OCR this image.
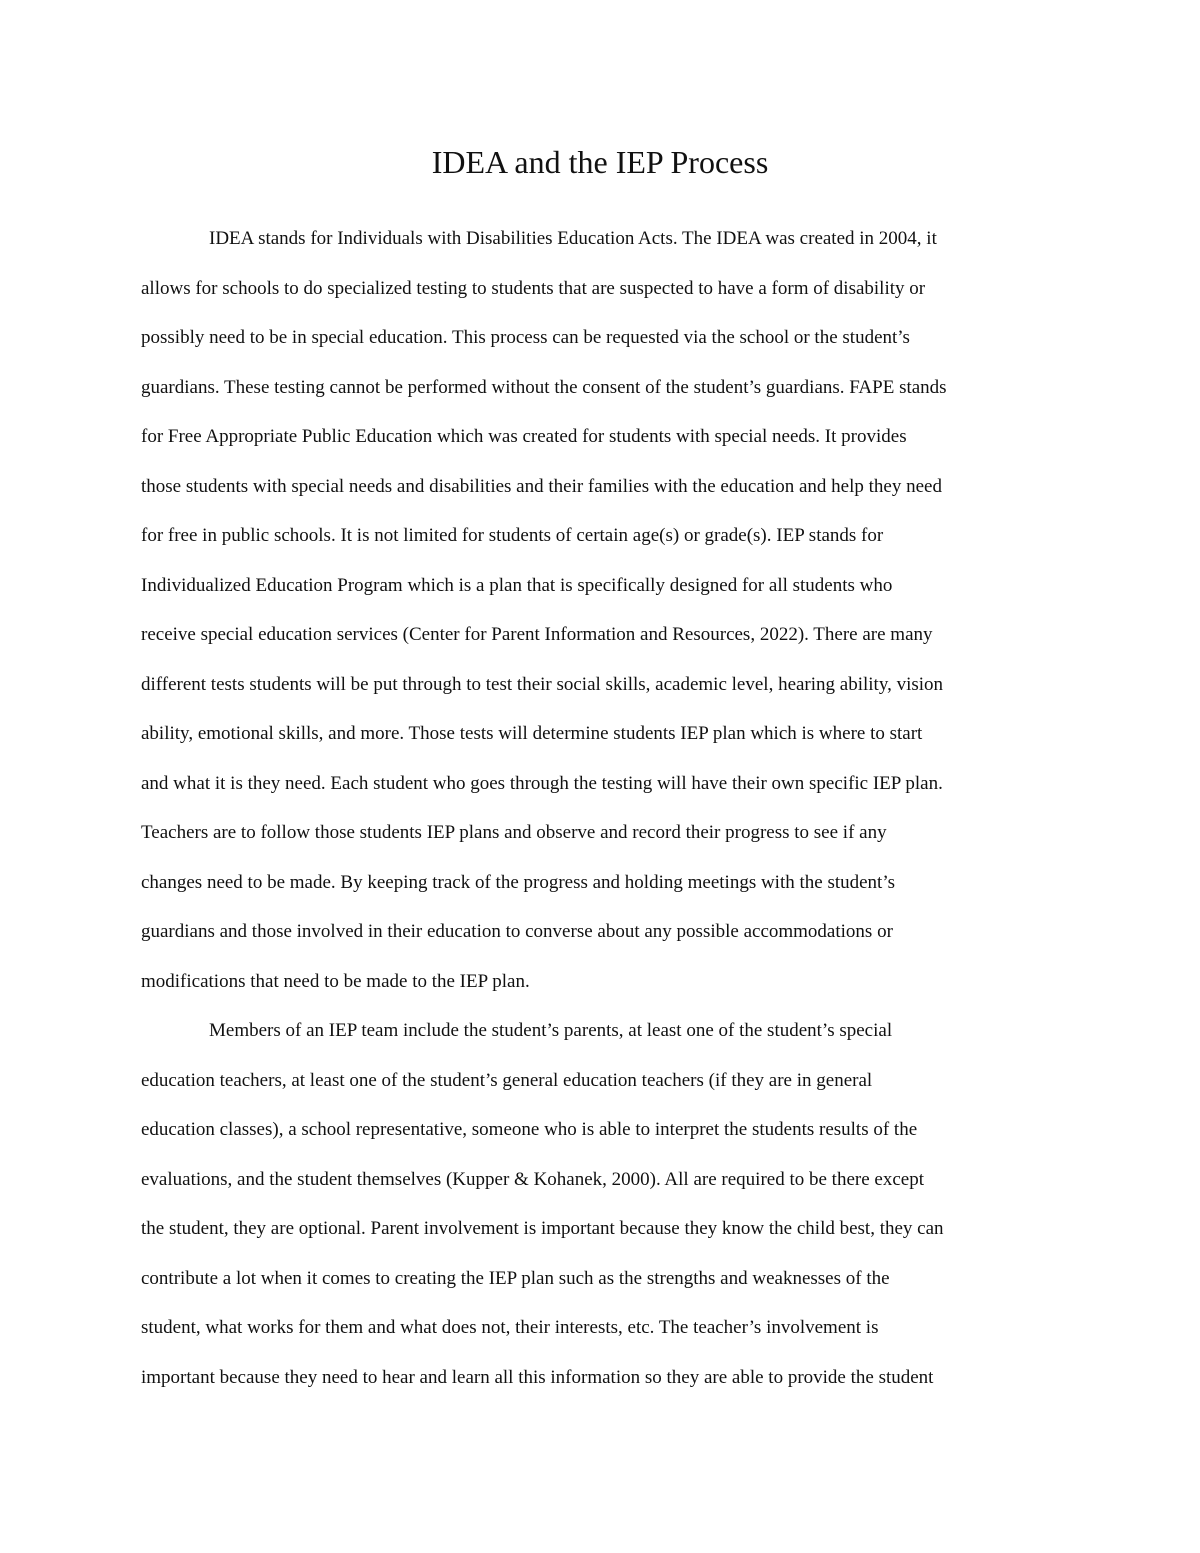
IDEA and the IEP Process
IDEA stands for Individuals with Disabilities Education Acts. The IDEA was created in 2004, it
allows for schools to do specialized testing to students that are suspected to have a form of disability or
possibly need to be in special education. This process can be requested via the school or the student’s
guardians. These testing cannot be performed without the consent of the student’s guardians. FAPE stands
for Free Appropriate Public Education which was created for students with special needs. It provides
those students with special needs and disabilities and their families with the education and help they need
for free in public schools. It is not limited for students of certain age(s) or grade(s). IEP stands for
Individualized Education Program which is a plan that is specifically designed for all students who
receive special education services (Center for Parent Information and Resources, 2022). There are many
different tests students will be put through to test their social skills, academic level, hearing ability, vision
ability, emotional skills, and more. Those tests will determine students IEP plan which is where to start
and what it is they need. Each student who goes through the testing will have their own specific IEP plan.
Teachers are to follow those students IEP plans and observe and record their progress to see if any
changes need to be made. By keeping track of the progress and holding meetings with the student’s
guardians and those involved in their education to converse about any possible accommodations or
modifications that need to be made to the IEP plan.
Members of an IEP team include the student’s parents, at least one of the student’s special
education teachers, at least one of the student’s general education teachers (if they are in general
education classes), a school representative, someone who is able to interpret the students results of the
evaluations, and the student themselves (Kupper & Kohanek, 2000). All are required to be there except
the student, they are optional. Parent involvement is important because they know the child best, they can
contribute a lot when it comes to creating the IEP plan such as the strengths and weaknesses of the
student, what works for them and what does not, their interests, etc. The teacher’s involvement is
important because they need to hear and learn all this information so they are able to provide the student
